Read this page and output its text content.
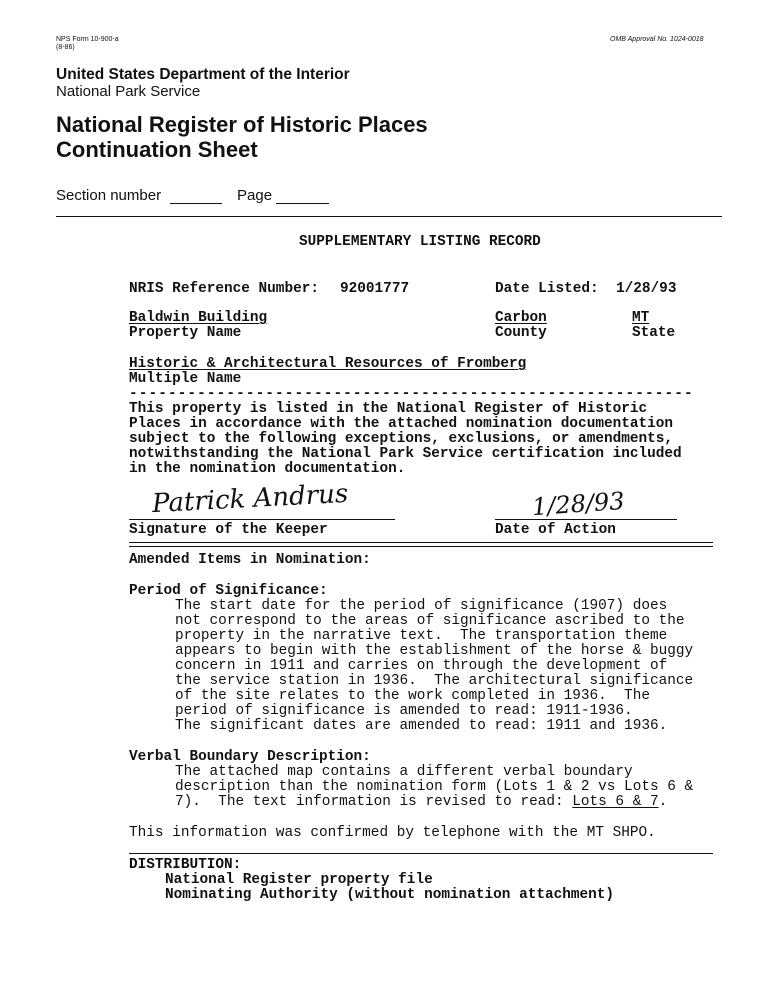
NPS Form 10-900-a
(8-86)
OMB Approval No. 1024-0018
United States Department of the Interior
National Park Service
National Register of Historic Places
Continuation Sheet
Section number	Page
SUPPLEMENTARY LISTING RECORD
NRIS Reference Number: 92001777	Date Listed: 1/28/93
Baldwin Building	Carbon	MT
Property Name	County	State
Historic & Architectural Resources of Fromberg
Multiple Name
----------------------------------------------------------
This property is listed in the National Register of Historic
Places in accordance with the attached nomination documentation
subject to the following exceptions, exclusions, or amendments,
notwithstanding the National Park Service certification included
in the nomination documentation.
Patrick Andrus	1/28/93
Signature of the Keeper	Date of Action
Amended Items in Nomination:
Period of Significance:
The start date for the period of significance (1907) does
not correspond to the areas of significance ascribed to the
property in the narrative text.  The transportation theme
appears to begin with the establishment of the horse & buggy
concern in 1911 and carries on through the development of
the service station in 1936.  The architectural significance
of the site relates to the work completed in 1936.  The
period of significance is amended to read: 1911-1936.
The significant dates are amended to read: 1911 and 1936.
Verbal Boundary Description:
The attached map contains a different verbal boundary
description than the nomination form (Lots 1 & 2 vs Lots 6 &
7).  The text information is revised to read: Lots 6 & 7.
This information was confirmed by telephone with the MT SHPO.
DISTRIBUTION:
National Register property file
Nominating Authority (without nomination attachment)
